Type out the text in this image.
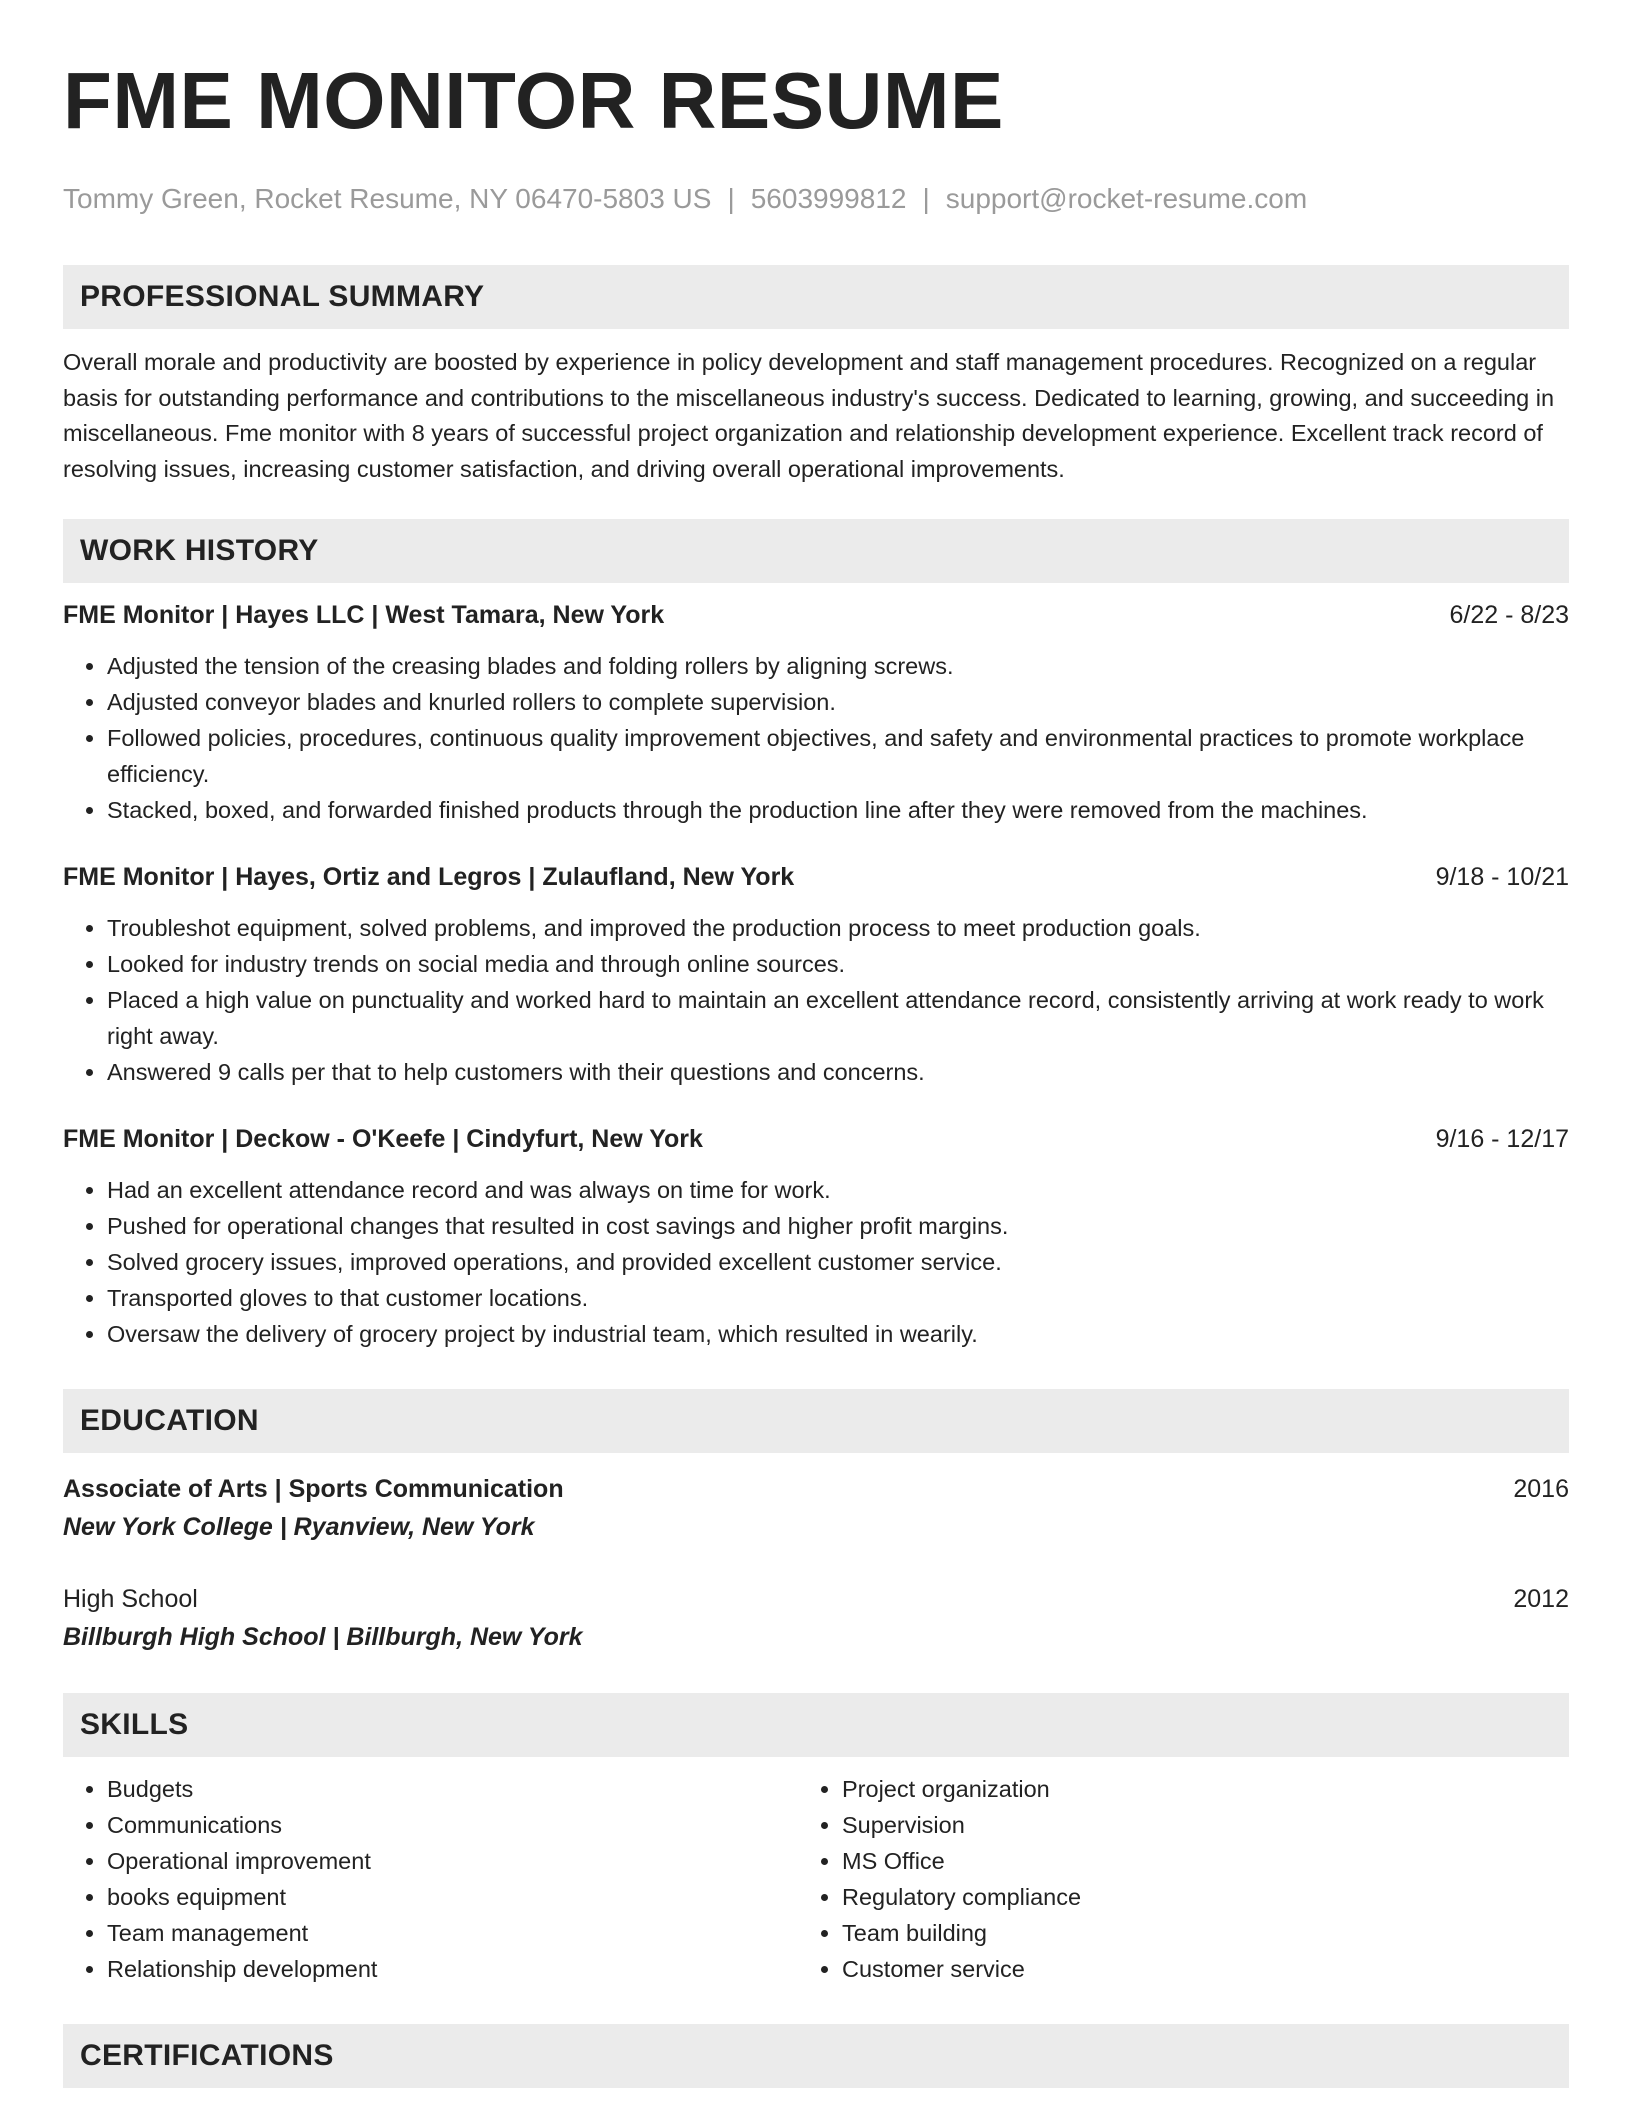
FME MONITOR RESUME
Tommy Green, Rocket Resume, NY 06470-5803 US | 5603999812 | support@rocket-resume.com
PROFESSIONAL SUMMARY

Overall morale and productivity are boosted by experience in policy development and staff management procedures. Recognized on a regular basis for outstanding performance and contributions to the miscellaneous industry's success. Dedicated to learning, growing, and succeeding in miscellaneous. Fme monitor with 8 years of successful project organization and relationship development experience. Excellent track record of resolving issues, increasing customer satisfaction, and driving overall operational improvements.

WORK HISTORY
FME Monitor | Hayes LLC | West Tamara, New York	6/22 - 8/23
• Adjusted the tension of the creasing blades and folding rollers by aligning screws.
• Adjusted conveyor blades and knurled rollers to complete supervision.
• Followed policies, procedures, continuous quality improvement objectives, and safety and environmental practices to promote workplace efficiency.
• Stacked, boxed, and forwarded finished products through the production line after they were removed from the machines.
FME Monitor | Hayes, Ortiz and Legros | Zulaufland, New York	9/18 - 10/21
• Troubleshot equipment, solved problems, and improved the production process to meet production goals.
• Looked for industry trends on social media and through online sources.
• Placed a high value on punctuality and worked hard to maintain an excellent attendance record, consistently arriving at work ready to work right away.
• Answered 9 calls per that to help customers with their questions and concerns.
FME Monitor | Deckow - O'Keefe | Cindyfurt, New York	9/16 - 12/17
• Had an excellent attendance record and was always on time for work.
• Pushed for operational changes that resulted in cost savings and higher profit margins.
• Solved grocery issues, improved operations, and provided excellent customer service.
• Transported gloves to that customer locations.
• Oversaw the delivery of grocery project by industrial team, which resulted in wearily.
EDUCATION
Associate of Arts | Sports Communication	2016
New York College | Ryanview, New York
High School	2012
Billburgh High School | Billburgh, New York
SKILLS
• Budgets
• Communications
• Operational improvement
• books equipment
• Team management
• Relationship development
• Project organization
• Supervision
• MS Office
• Regulatory compliance
• Team building
• Customer service
CERTIFICATIONS
